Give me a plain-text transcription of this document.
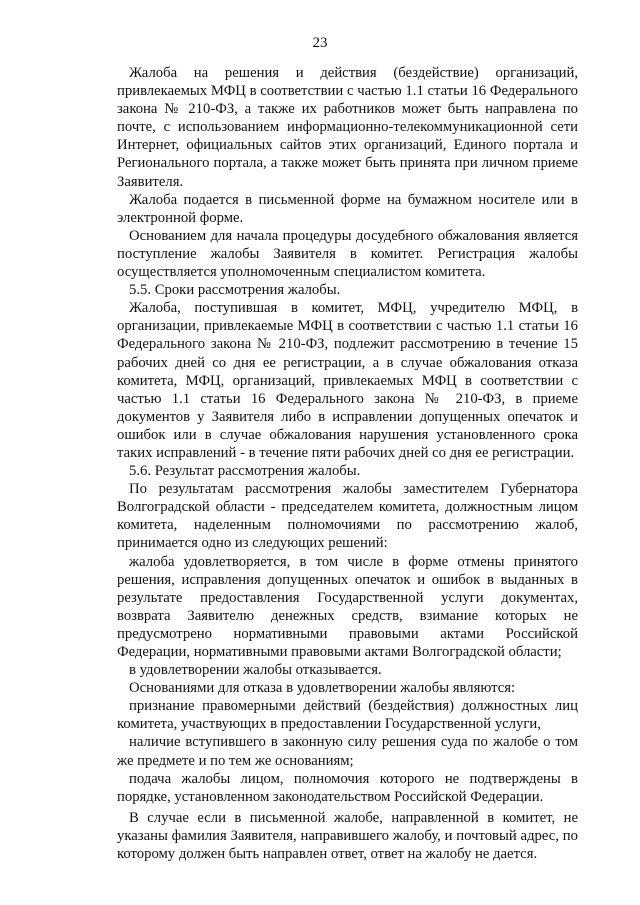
23

Жалоба на решения и действия (бездействие) организаций, привлекаемых МФЦ в соответствии с частью 1.1 статьи 16 Федерального закона № 210-ФЗ, а также их работников может быть направлена по почте, с использованием информационно-телекоммуникационной сети Интернет, официальных сайтов этих организаций, Единого портала и Регионального портала, а также может быть принята при личном приеме Заявителя.

Жалоба подается в письменной форме на бумажном носителе или в электронной форме.

Основанием для начала процедуры досудебного обжалования является поступление жалобы Заявителя в комитет. Регистрация жалобы осуществляется уполномоченным специалистом комитета.

5.5. Сроки рассмотрения жалобы.

Жалоба, поступившая в комитет, МФЦ, учредителю МФЦ, в организации, привлекаемые МФЦ в соответствии с частью 1.1 статьи 16 Федерального закона № 210-ФЗ, подлежит рассмотрению в течение 15 рабочих дней со дня ее регистрации, а в случае обжалования отказа комитета, МФЦ, организаций, привлекаемых МФЦ в соответствии с частью 1.1 статьи 16 Федерального закона № 210-ФЗ, в приеме документов у Заявителя либо в исправлении допущенных опечаток и ошибок или в случае обжалования нарушения установленного срока таких исправлений - в течение пяти рабочих дней со дня ее регистрации.

5.6. Результат рассмотрения жалобы.

По результатам рассмотрения жалобы заместителем Губернатора Волгоградской области - председателем комитета, должностным лицом комитета, наделенным полномочиями по рассмотрению жалоб, принимается одно из следующих решений:

жалоба удовлетворяется, в том числе в форме отмены принятого решения, исправления допущенных опечаток и ошибок в выданных в результате предоставления Государственной услуги документах, возврата Заявителю денежных средств, взимание которых не предусмотрено нормативными правовыми актами Российской Федерации, нормативными правовыми актами Волгоградской области;

в удовлетворении жалобы отказывается.

Основаниями для отказа в удовлетворении жалобы являются:

признание правомерными действий (бездействия) должностных лиц комитета, участвующих в предоставлении Государственной услуги,

наличие вступившего в законную силу решения суда по жалобе о том же предмете и по тем же основаниям;

подача жалобы лицом, полномочия которого не подтверждены в порядке, установленном законодательством Российской Федерации.

В случае если в письменной жалобе, направленной в комитет, не указаны фамилия Заявителя, направившего жалобу, и почтовый адрес, по которому должен быть направлен ответ, ответ на жалобу не дается.
